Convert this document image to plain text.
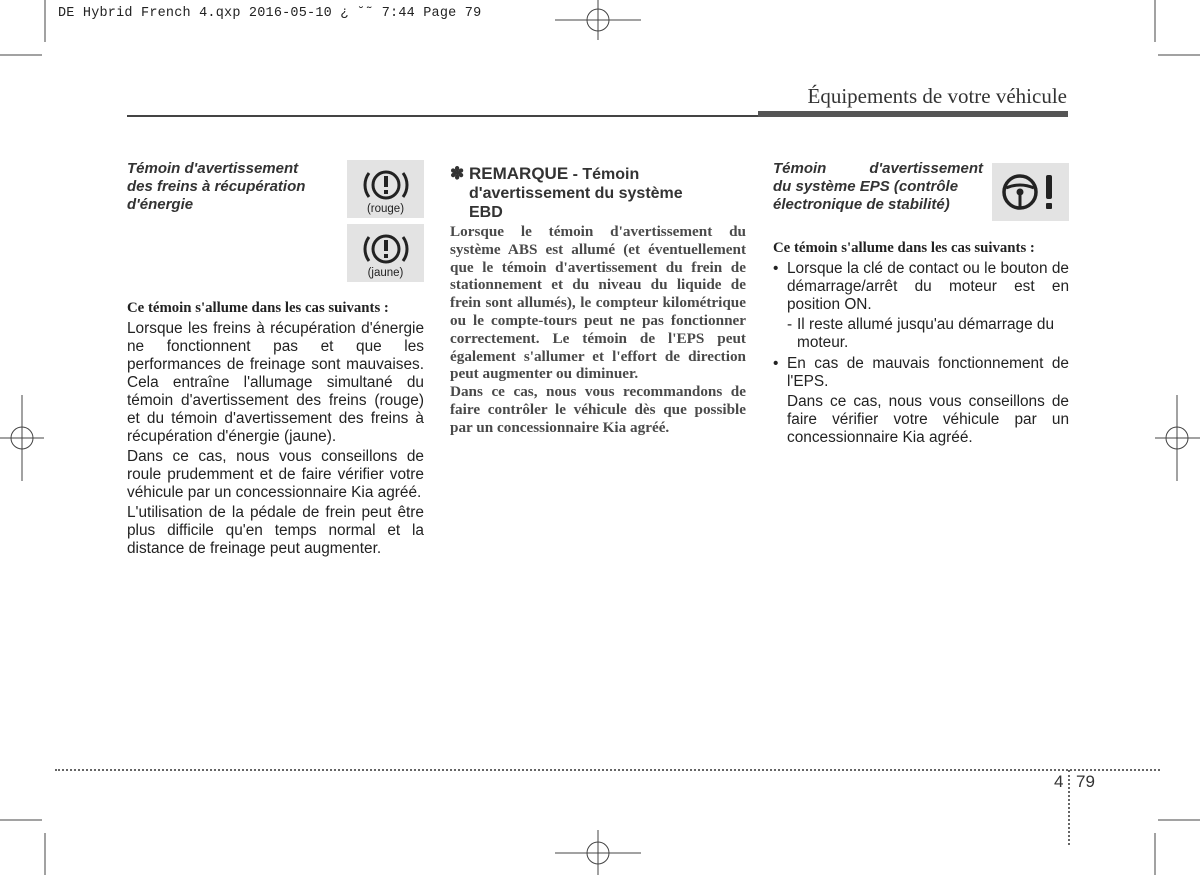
DE Hybrid French 4.qxp 2016-05-10 ¿ ˘˜ 7:44 Page 79
Équipements de votre véhicule
Témoin d'avertissement
des freins à récupération
d'énergie	(rouge)
(jaune)
Ce témoin s'allume dans les cas suivants :

Lorsque les freins à récupération d'énergie ne fonctionnent pas et que les performances de freinage sont mauvaises. Cela entraîne l'allumage simultané du témoin d'avertissement des freins (rouge) et du témoin d'avertissement des freins à récupération d'énergie (jaune).

Dans ce cas, nous vous conseillons de roule prudemment et de faire vérifier votre véhicule par un concessionnaire Kia agréé.

L'utilisation de la pédale de frein peut être plus difficile qu'en temps normal et la distance de freinage peut augmenter.

✽ REMARQUE - Témoin
d'avertissement du système
EBD

Lorsque le témoin d'avertissement du système ABS est allumé (et éventuellement que le témoin d'avertissement du frein de stationnement et du niveau du liquide de frein sont allumés), le compteur kilométrique ou le compte-tours peut ne pas fonctionner correctement. Le témoin de l'EPS peut également s'allumer et l'effort de direction peut augmenter ou diminuer.

Dans ce cas, nous vous recommandons de faire contrôler le véhicule dès que possible par un concessionnaire Kia agréé.

Témoin d'avertissement
du système EPS (contrôle
électronique de stabilité)
Ce témoin s'allume dans les cas suivants :
• Lorsque la clé de contact ou le bouton de démarrage/arrêt du moteur est en position ON.
- Il reste allumé jusqu'au démarrage du moteur.
• En cas de mauvais fonctionnement de l'EPS.
Dans ce cas, nous vous conseillons de faire vérifier votre véhicule par un concessionnaire Kia agréé.
4 79
